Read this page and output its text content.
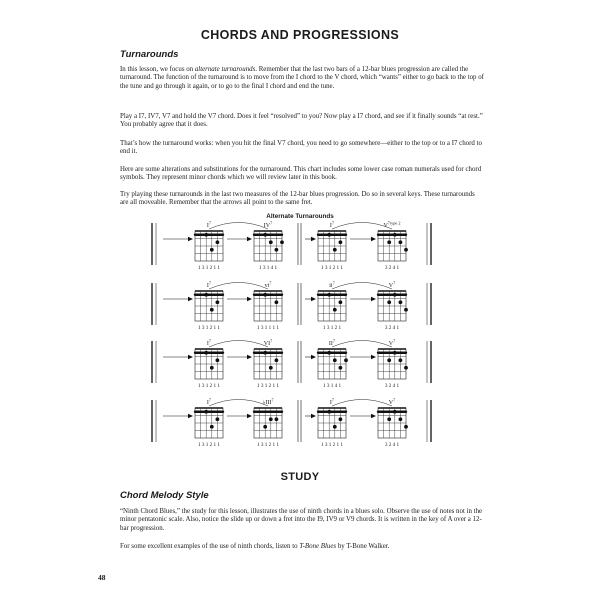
CHORDS AND PROGRESSIONS
Turnarounds

In this lesson, we focus on alternate turnarounds. Remember that the last two bars of a 12-bar blues progression are called the turnaround. The function of the turnaround is to move from the I chord to the V chord, which “wants” either to go back to the top of the tune and go through it again, or to go to the final I chord and end the tune.

Play a I7, IV7, V7 and hold the V7 chord. Does it feel “resolved” to you? Now play a I7 chord, and see if it finally sounds “at rest.” You probably agree that it does.

That’s how the turnaround works: when you hit the final V7 chord, you need to go somewhere—either to the top or to a I7 chord to end it.

Here are some alterations and substitutions for the turnaround. This chart includes some lower case roman numerals used for chord symbols. They represent minor chords which we will review later in this book.

Try playing these turnarounds in the last two measures of the 12-bar blues progression. Do so in several keys. These turnarounds are all moveable. Remember that the arrows all point to the same fret.

Alternate Turnarounds
$I^7$
1 3 1 2 1 1
$IV^7$
1 3 1 4 1
$I^7$
1 3 1 2 1 1
$V^{7type 2}$
3 2 4 1
$I^7$
1 3 1 2 1 1
$vi^7$
1 3 1 1 1 1
$ii^7$
1 3 1 2 1
$V^7$
3 2 4 1
$I^7$
1 3 1 2 1 1
$VI^7$
1 3 1 2 1 1
$II^7$
1 3 1 4 1
$V^7$
3 2 4 1
$I^7$
1 3 1 2 1 1
♭III$^7$
1 3 1 2 1 1
$I^7$
1 3 1 2 1 1
$V^7$
3 2 4 1
STUDY
Chord Melody Style

“Ninth Chord Blues,” the study for this lesson, illustrates the use of ninth chords in a blues solo. Observe the use of notes not in the minor pentatonic scale. Also, notice the slide up or down a fret into the I9, IV9 or V9 chords. It is written in the key of A over a 12-bar progression.

For some excellent examples of the use of ninth chords, listen to T-Bone Blues by T-Bone Walker.

48
